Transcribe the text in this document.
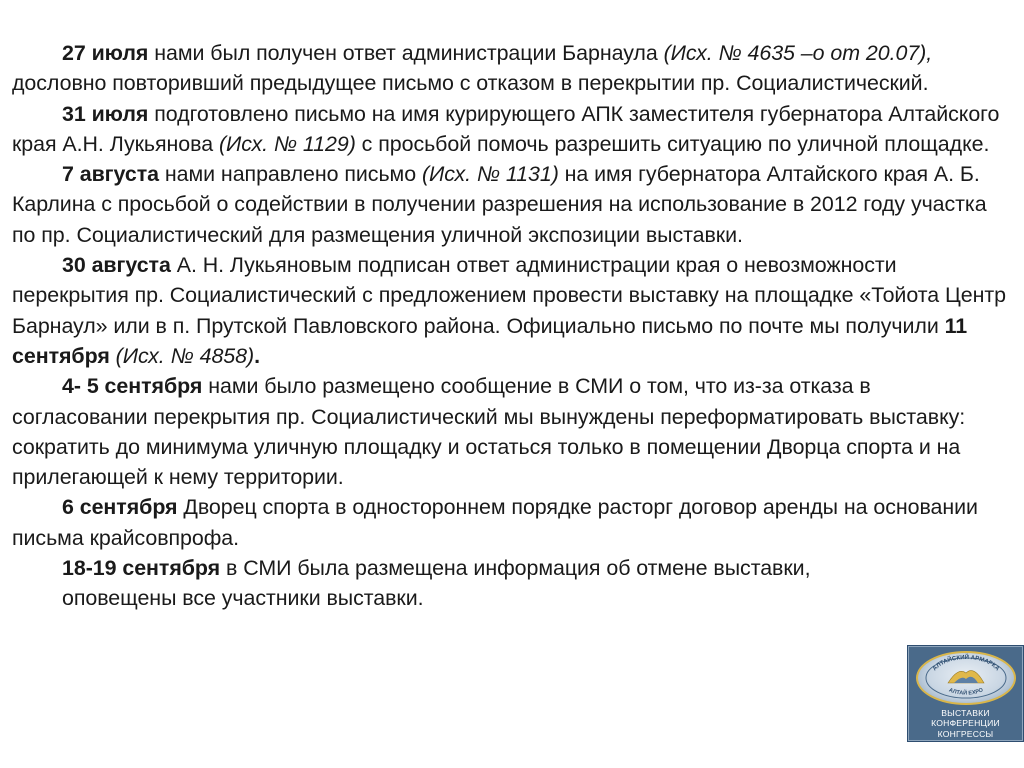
27 июля нами был получен ответ администрации Барнаула (Исх. № 4635 –о от 20.07), дословно повторивший предыдущее письмо с отказом в перекрытии пр. Социалистический.

31 июля подготовлено письмо на имя курирующего АПК заместителя губернатора Алтайского края А.Н. Лукьянова (Исх. № 1129) с просьбой помочь разрешить ситуацию по уличной площадке.

7 августа нами направлено письмо (Исх. № 1131) на имя губернатора Алтайского края А. Б. Карлина с просьбой о содействии в получении разрешения на использование в 2012 году участка по пр. Социалистический для размещения уличной экспозиции выставки.

30 августа А. Н. Лукьяновым подписан ответ администрации края о невозможности перекрытия пр. Социалистический с предложением провести выставку на площадке «Тойота Центр Барнаул» или в п. Прутской Павловского района. Официально письмо по почте мы получили 11 сентября (Исх. № 4858).

4- 5 сентября нами было размещено сообщение в СМИ о том, что из-за отказа в согласовании перекрытия пр. Социалистический мы вынуждены переформатировать выставку: сократить до минимума уличную площадку и остаться только в помещении Дворца спорта и на прилегающей к нему территории.

6 сентября Дворец спорта в одностороннем порядке расторг договор аренды на основании письма крайсовпрофа.

18-19 сентября в СМИ была размещена информация об отмене выставки, оповещены все участники выставки.

АЛТАЙСКИЙ АРМАРКА
АЛТАЙ ЕХРО
ВЫСТАВКИ
КОНФЕРЕНЦИИ
КОНГРЕССЫ
